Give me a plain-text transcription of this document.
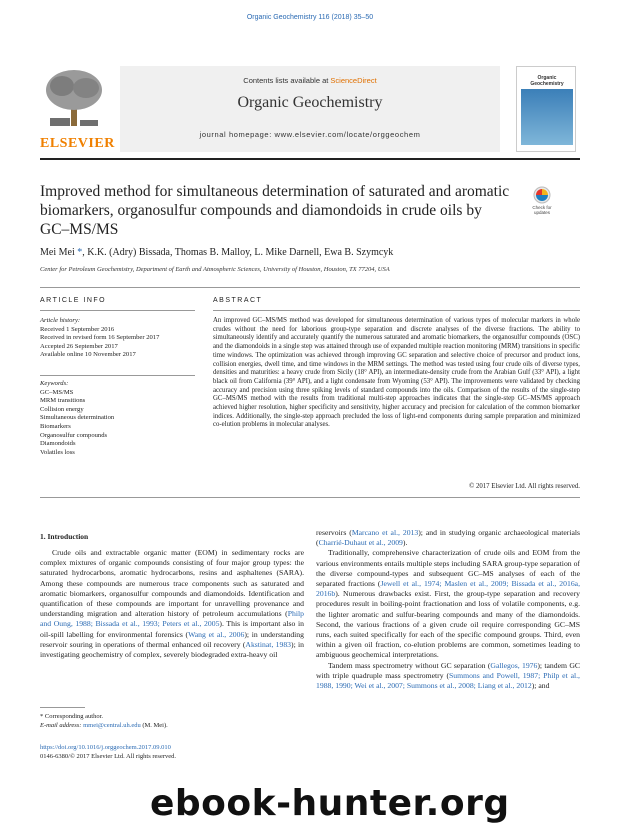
Organic Geochemistry 116 (2018) 35–50
ELSEVIER
Contents lists available at ScienceDirect
Organic Geochemistry
journal homepage: www.elsevier.com/locate/orggeochem
Organic Geochemistry
Improved method for simultaneous determination of saturated and aromatic biomarkers, organosulfur compounds and diamondoids in crude oils by GC–MS/MS
Check for updates
Mei Mei *, K.K. (Adry) Bissada, Thomas B. Malloy, L. Mike Darnell, Ewa B. Szymcyk
Center for Petroleum Geochemistry, Department of Earth and Atmospheric Sciences, University of Houston, Houston, TX 77204, USA
ARTICLE INFO	ABSTRACT
Article history:
Received 1 September 2016
Received in revised form 16 September 2017
Accepted 26 September 2017
Available online 10 November 2017
Keywords:
GC–MS/MS
MRM transitions
Collision energy
Simultaneous determination
Biomarkers
Organosulfur compounds
Diamondoids
Volatiles loss
An improved GC–MS/MS method was developed for simultaneous determination of various types of molecular markers in whole crudes without the need for laborious group-type separation and discrete analyses of the diverse fractions. The ability to simultaneously identify and accurately quantify the numerous saturated and aromatic biomarkers, the organosulfur compounds (OSC) and the diamondoids in a single step was attained through use of expanded multiple reaction monitoring (MRM) transitions in specific time windows. The optimization was achieved through improving GC separation and selective choice of precursor and product ions, collision energies, dwell time, and time windows in the MRM settings. The method was tested using four crude oils of diverse types, densities and maturities: a heavy crude from Sicily (18° API), an intermediate-density crude from the Arabian Gulf (33° API), a light black oil from California (39° API), and a light condensate from Wyoming (53° API). The improvements were validated by checking accuracy and precision using three spiking levels of standard compounds into the oils. Comparison of the results of the single-step GC–MS/MS method with the results from traditional multi-step approaches indicates that the single-step GC–MS/MS approach achieved higher resolution, higher specificity and sensitivity, higher accuracy and precision for calculation of the common biomarker indices. Additionally, the single-step approach precluded the loss of light-end components during sample preparation and minimized co-elution problems in molecular analyses.
© 2017 Elsevier Ltd. All rights reserved.
1. Introduction

Crude oils and extractable organic matter (EOM) in sedimentary rocks are complex mixtures of organic compounds consisting of four major group types: the saturated hydrocarbons, aromatic hydrocarbons, resins and asphaltenes (SARA). Among these compounds are numerous trace components such as saturated and aromatic biomarkers, organosulfur compounds and diamondoids. Identification and quantification of these compounds are important for unravelling provenance and understanding migration and alteration history of petroleum accumulations (Philp and Oung, 1988; Bissada et al., 1993; Peters et al., 2005). This is important also in oil-spill labelling for environmental forensics (Wang et al., 2006); in understanding reservoir souring in operations of thermal enhanced oil recovery (Akstinat, 1983); in investigating geochemistry of complex, severely biodegraded extra-heavy oil

reservoirs (Marcano et al., 2013); and in studying organic archaeological materials (Charrié-Duhaut et al., 2009).

Traditionally, comprehensive characterization of crude oils and EOM from the various environments entails multiple steps including SARA group-type separation of the diverse compound-types and subsequent GC–MS analyses of each of the separated fractions (Jewell et al., 1974; Maslen et al., 2009; Bissada et al., 2016a, 2016b). Numerous drawbacks exist. First, the group-type separation and recovery procedures result in boiling-point fractionation and loss of volatile components, e.g. the lighter aromatic and sulfur-bearing compounds and many of the diamondoids. Second, the various fractions of a given crude oil require corresponding GC–MS runs, each suited specifically for each of the specific compound groups. Third, even within a given oil fraction, co-elution problems are common, sometimes leading to ambiguous geochemical interpretations.

Tandem mass spectrometry without GC separation (Gallegos, 1976); tandem GC with triple quadruple mass spectrometry (Summons and Powell, 1987; Philp et al., 1988, 1990; Wei et al., 2007; Summons et al., 2008; Liang et al., 2012); and

* Corresponding author.
E-mail address: mmei@central.uh.edu (M. Mei).
https://doi.org/10.1016/j.orggeochem.2017.09.010
0146-6380/© 2017 Elsevier Ltd. All rights reserved.
ebook-hunter.org
